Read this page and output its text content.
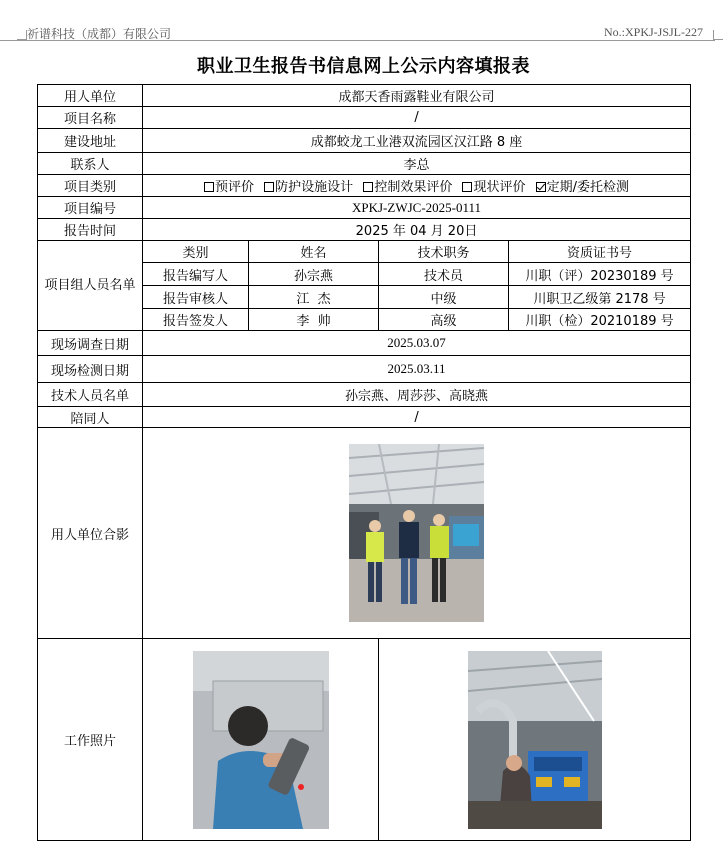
祈谱科技（成都）有限公司	No.:XPKJ-JSJL-227
职业卫生报告书信息网上公示内容填报表
用人单位	成都天香雨露鞋业有限公司			
项目名称	/			
建设地址	成都蛟龙工业港双流园区汉江路 8 座			
联系人	李总			
项目类别	预评价 防护设施设计 控制效果评价 现状评价 定期/委托检测			
项目编号	XPKJ-ZWJC-2025-0111			
报告时间	2025 年 04 月 20日			
项目组人员名单	类别	姓名	技术职务	资质证书号
	报告编写人	孙宗燕	技术员	川职（评）20230189 号
	报告审核人	江  杰	中级	川职卫乙级第 2178 号
	报告签发人	李  帅	高级	川职（检）20210189 号
现场调查日期	2025.03.07			
现场检测日期	2025.03.11			
技术人员名单	孙宗燕、周莎莎、高晓燕			
陪同人	/			
用人单位合影	

工作照片	
